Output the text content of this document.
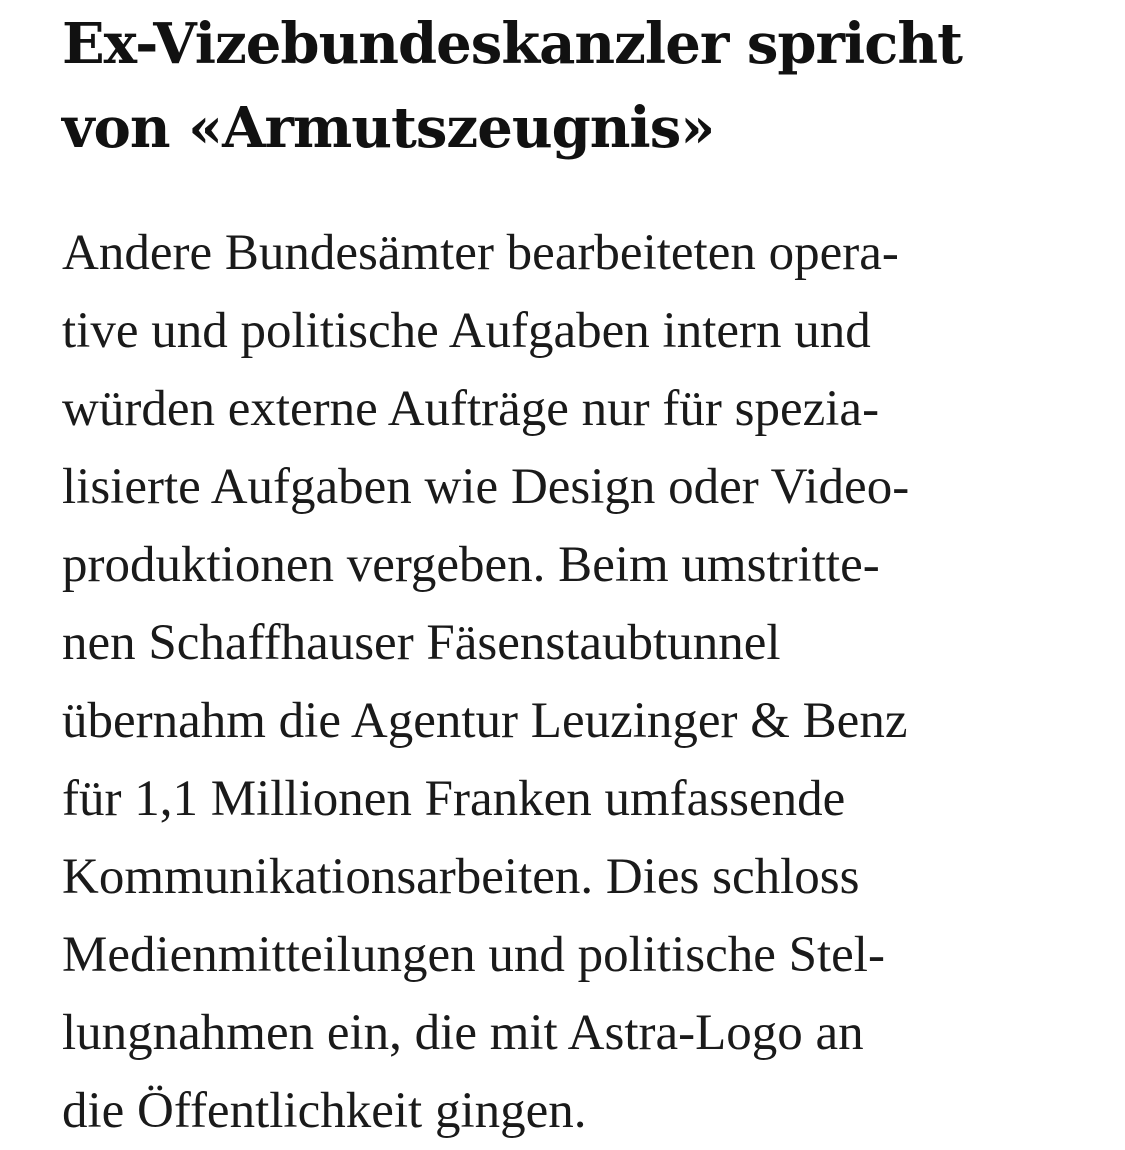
Ex-Vizebundeskanzler spricht
von «Armutszeugnis»

Andere Bundesämter bearbeiteten opera-
tive und politische Aufgaben intern und
würden externe Aufträge nur für spezia-
lisierte Aufgaben wie Design oder Video-
produktionen vergeben. Beim umstritte-
nen Schaffhauser Fäsenstaubtunnel
übernahm die Agentur Leuzinger & Benz
für 1,1 Millionen Franken umfassende
Kommunikationsarbeiten. Dies schloss
Medienmitteilungen und politische Stel-
lungnahmen ein, die mit Astra-Logo an
die Öffentlichkeit gingen.
